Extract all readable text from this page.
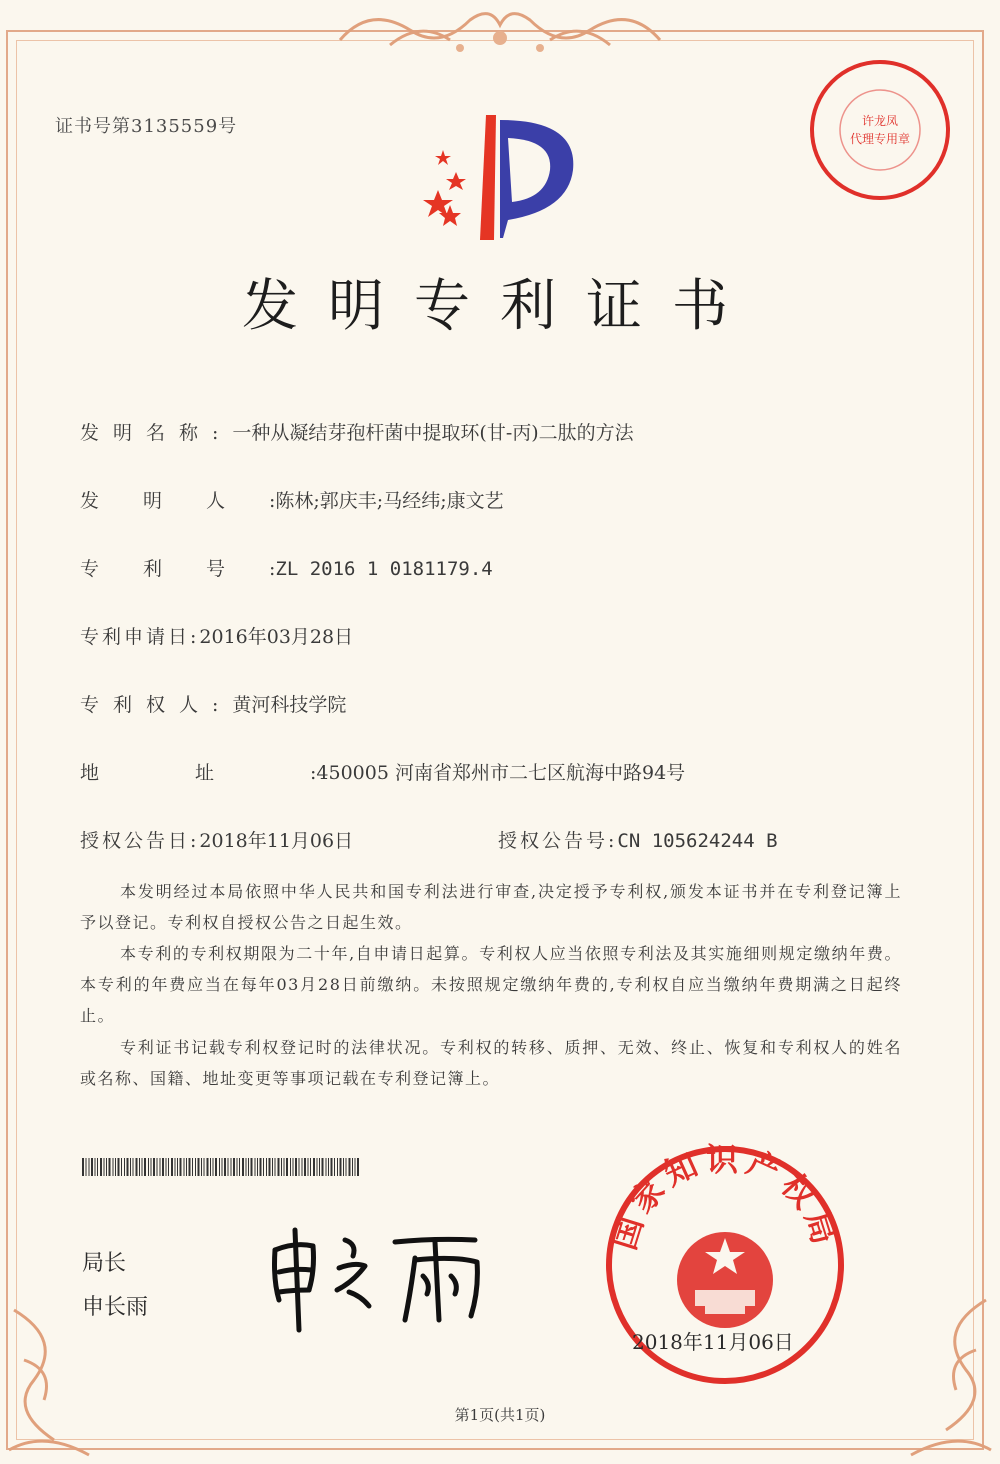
证书号第3135559号	许龙凤
代理专用章
发明专利证书
发明名称:一种从凝结芽孢杆菌中提取环(甘-丙)二肽的方法
发明人:陈林;郭庆丰;马经纬;康文艺
专利号:ZL 2016 1 0181179.4
专利申请日:2016年03月28日
专利权人:黄河科技学院
地址:450005 河南省郑州市二七区航海中路94号
授权公告日:2018年11月06日	授权公告号:CN 105624244 B
本发明经过本局依照中华人民共和国专利法进行审查,决定授予专利权,颁发本证书并在专利登记簿上予以登记。专利权自授权公告之日起生效。
本专利的专利权期限为二十年,自申请日起算。专利权人应当依照专利法及其实施细则规定缴纳年费。本专利的年费应当在每年03月28日前缴纳。未按照规定缴纳年费的,专利权自应当缴纳年费期满之日起终止。
专利证书记载专利权登记时的法律状况。专利权的转移、质押、无效、终止、恢复和专利权人的姓名或名称、国籍、地址变更等事项记载在专利登记簿上。
局长
申长雨
国家知识产权局
2018年11月06日
第1页(共1页)
